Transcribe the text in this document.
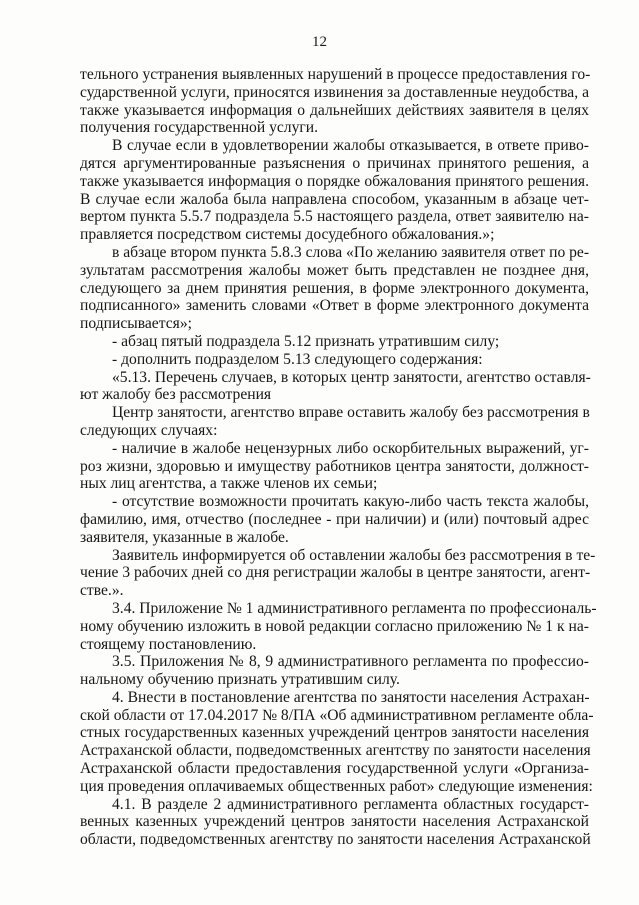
12
тельного устранения выявленных нарушений в процессе предоставления го-
сударственной услуги, приносятся извинения за доставленные неудобства, а
также указывается информация о дальнейших действиях заявителя в целях
получения государственной услуги.
В случае если в удовлетворении жалобы отказывается, в ответе приво-
дятся аргументированные разъяснения о причинах принятого решения, а
также указывается информация о порядке обжалования принятого решения.
В случае если жалоба была направлена способом, указанным в абзаце чет-
вертом пункта 5.5.7 подраздела 5.5 настоящего раздела, ответ заявителю на-
правляется посредством системы досудебного обжалования.»;
в абзаце втором пункта 5.8.3 слова «По желанию заявителя ответ по ре-
зультатам рассмотрения жалобы может быть представлен не позднее дня,
следующего за днем принятия решения, в форме электронного документа,
подписанного» заменить словами «Ответ в форме электронного документа
подписывается»;
- абзац пятый подраздела 5.12 признать утратившим силу;
- дополнить подразделом 5.13 следующего содержания:
«5.13. Перечень случаев, в которых центр занятости, агентство оставля-
ют жалобу без рассмотрения
Центр занятости, агентство вправе оставить жалобу без рассмотрения в
следующих случаях:
- наличие в жалобе нецензурных либо оскорбительных выражений, уг-
роз жизни, здоровью и имуществу работников центра занятости, должност-
ных лиц агентства, а также членов их семьи;
- отсутствие возможности прочитать какую-либо часть текста жалобы,
фамилию, имя, отчество (последнее - при наличии) и (или) почтовый адрес
заявителя, указанные в жалобе.
Заявитель информируется об оставлении жалобы без рассмотрения в те-
чение 3 рабочих дней со дня регистрации жалобы в центре занятости, агент-
стве.».
3.4. Приложение № 1 административного регламента по профессиональ-
ному обучению изложить в новой редакции согласно приложению № 1 к на-
стоящему постановлению.
3.5. Приложения № 8, 9 административного регламента по профессио-
нальному обучению признать утратившим силу.
4. Внести в постановление агентства по занятости населения Астрахан-
ской области от 17.04.2017 № 8/ПА «Об административном регламенте обла-
стных государственных казенных учреждений центров занятости населения
Астраханской области, подведомственных агентству по занятости населения
Астраханской области предоставления государственной услуги «Организа-
ция проведения оплачиваемых общественных работ» следующие изменения:
4.1. В разделе 2 административного регламента областных государст-
венных казенных учреждений центров занятости населения Астраханской
области, подведомственных агентству по занятости населения Астраханской
